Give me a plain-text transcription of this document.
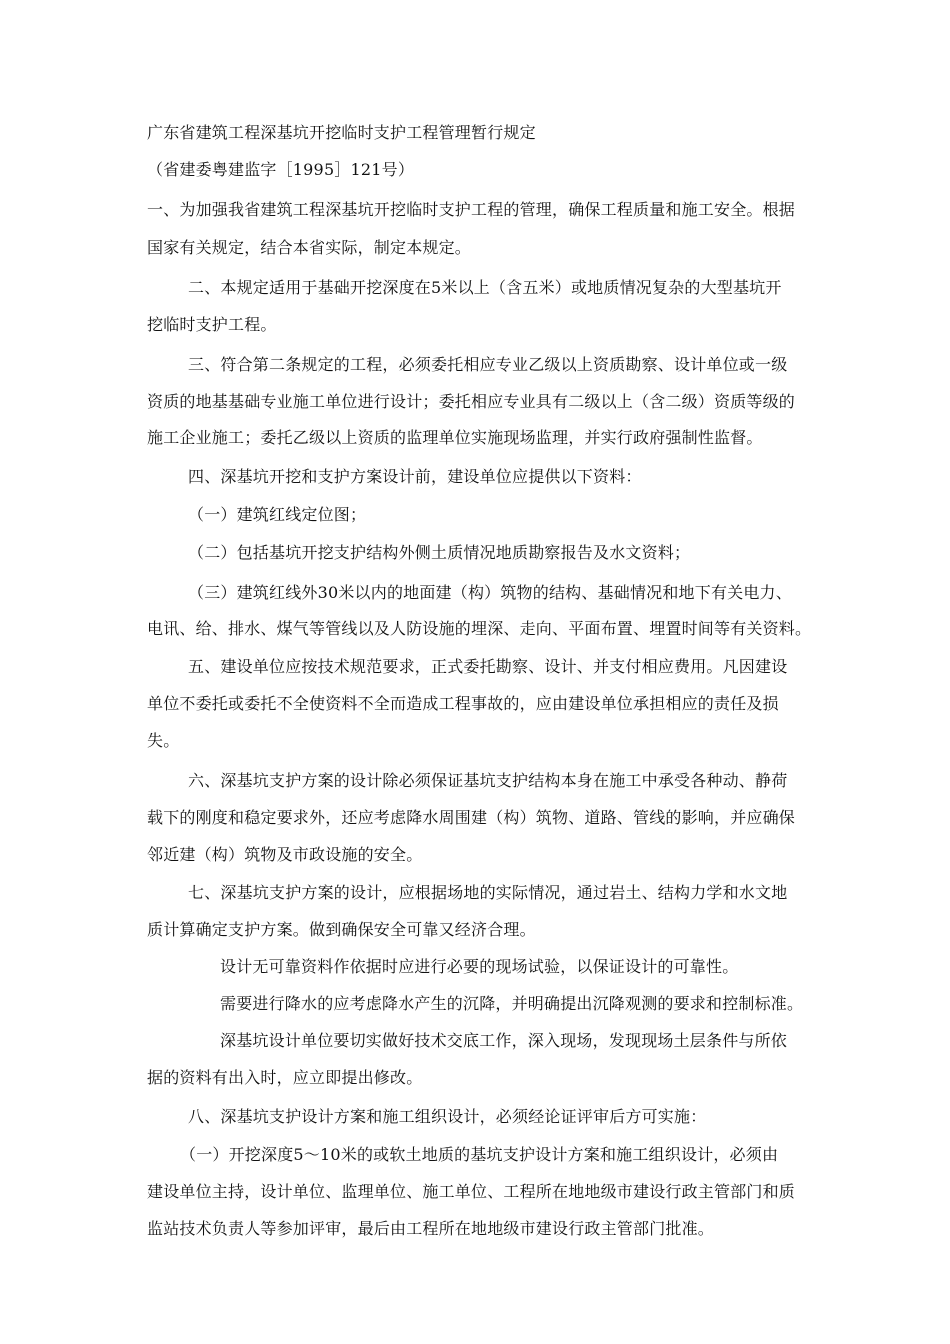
广东省建筑工程深基坑开挖临时支护工程管理暂行规定
（省建委粤建监字［1995］121号）
一、为加强我省建筑工程深基坑开挖临时支护工程的管理，确保工程质量和施工安全。根据
国家有关规定，结合本省实际，制定本规定。
二、本规定适用于基础开挖深度在5米以上（含五米）或地质情况复杂的大型基坑开
挖临时支护工程。
三、符合第二条规定的工程，必须委托相应专业乙级以上资质勘察、设计单位或一级
资质的地基基础专业施工单位进行设计；委托相应专业具有二级以上（含二级）资质等级的
施工企业施工；委托乙级以上资质的监理单位实施现场监理，并实行政府强制性监督。
四、深基坑开挖和支护方案设计前，建设单位应提供以下资料：
（一）建筑红线定位图；
（二）包括基坑开挖支护结构外侧土质情况地质勘察报告及水文资料；
（三）建筑红线外30米以内的地面建（构）筑物的结构、基础情况和地下有关电力、
电讯、给、排水、煤气等管线以及人防设施的埋深、走向、平面布置、埋置时间等有关资料。
五、建设单位应按技术规范要求，正式委托勘察、设计、并支付相应费用。凡因建设
单位不委托或委托不全使资料不全而造成工程事故的，应由建设单位承担相应的责任及损
失。
六、深基坑支护方案的设计除必须保证基坑支护结构本身在施工中承受各种动、静荷
载下的刚度和稳定要求外，还应考虑降水周围建（构）筑物、道路、管线的影响，并应确保
邻近建（构）筑物及市政设施的安全。
七、深基坑支护方案的设计，应根据场地的实际情况，通过岩土、结构力学和水文地
质计算确定支护方案。做到确保安全可靠又经济合理。
设计无可靠资料作依据时应进行必要的现场试验，以保证设计的可靠性。
需要进行降水的应考虑降水产生的沉降，并明确提出沉降观测的要求和控制标准。
深基坑设计单位要切实做好技术交底工作，深入现场，发现现场土层条件与所依
据的资料有出入时，应立即提出修改。
八、深基坑支护设计方案和施工组织设计，必须经论证评审后方可实施：
（一）开挖深度5～10米的或软土地质的基坑支护设计方案和施工组织设计，必须由
建设单位主持，设计单位、监理单位、施工单位、工程所在地地级市建设行政主管部门和质
监站技术负责人等参加评审，最后由工程所在地地级市建设行政主管部门批准。
